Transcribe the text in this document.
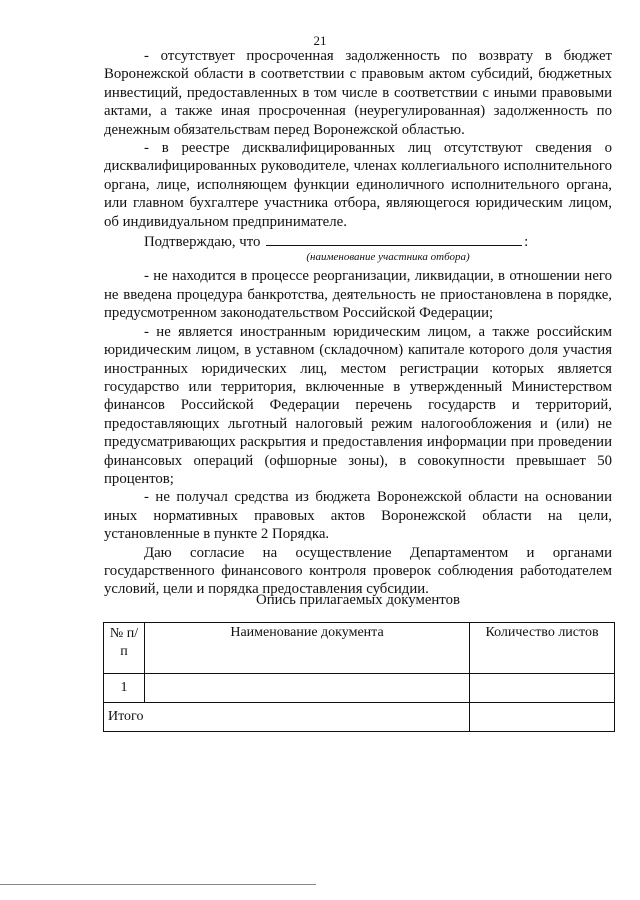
21

- отсутствует просроченная задолженность по возврату в бюджет Воронежской области в соответствии с правовым актом субсидий, бюджетных инвестиций, предоставленных в том числе в соответствии с иными правовыми актами, а также иная просроченная (неурегулированная) задолженность по денежным обязательствам перед Воронежской областью.

- в реестре дисквалифицированных лиц отсутствуют сведения о дисквалифицированных руководителе, членах коллегиального исполнительного органа, лице, исполняющем функции единоличного исполнительного органа, или главном бухгалтере участника отбора, являющегося юридическим лицом, об индивидуальном предпринимателе.

Подтверждаю, что	:
(наименование участника отбора)

- не находится в процессе реорганизации, ликвидации, в отношении него не введена процедура банкротства, деятельность не приостановлена в порядке, предусмотренном законодательством Российской Федерации;

- не является иностранным юридическим лицом, а также российским юридическим лицом, в уставном (складочном) капитале которого доля участия иностранных юридических лиц, местом регистрации которых является государство или территория, включенные в утвержденный Министерством финансов Российской Федерации перечень государств и территорий, предоставляющих льготный налоговый режим налогообложения и (или) не предусматривающих раскрытия и предоставления информации при проведении финансовых операций (офшорные зоны), в совокупности превышает 50 процентов;

- не получал средства из бюджета Воронежской области на основании иных нормативных правовых актов Воронежской области на цели, установленные в пункте 2 Порядка.

Даю согласие на осуществление Департаментом и органами государственного финансового контроля проверок соблюдения работодателем условий, цели и порядка предоставления субсидии.

Опись прилагаемых документов
№ п/п	Наименование документа	Количество листов
1		
Итого		
